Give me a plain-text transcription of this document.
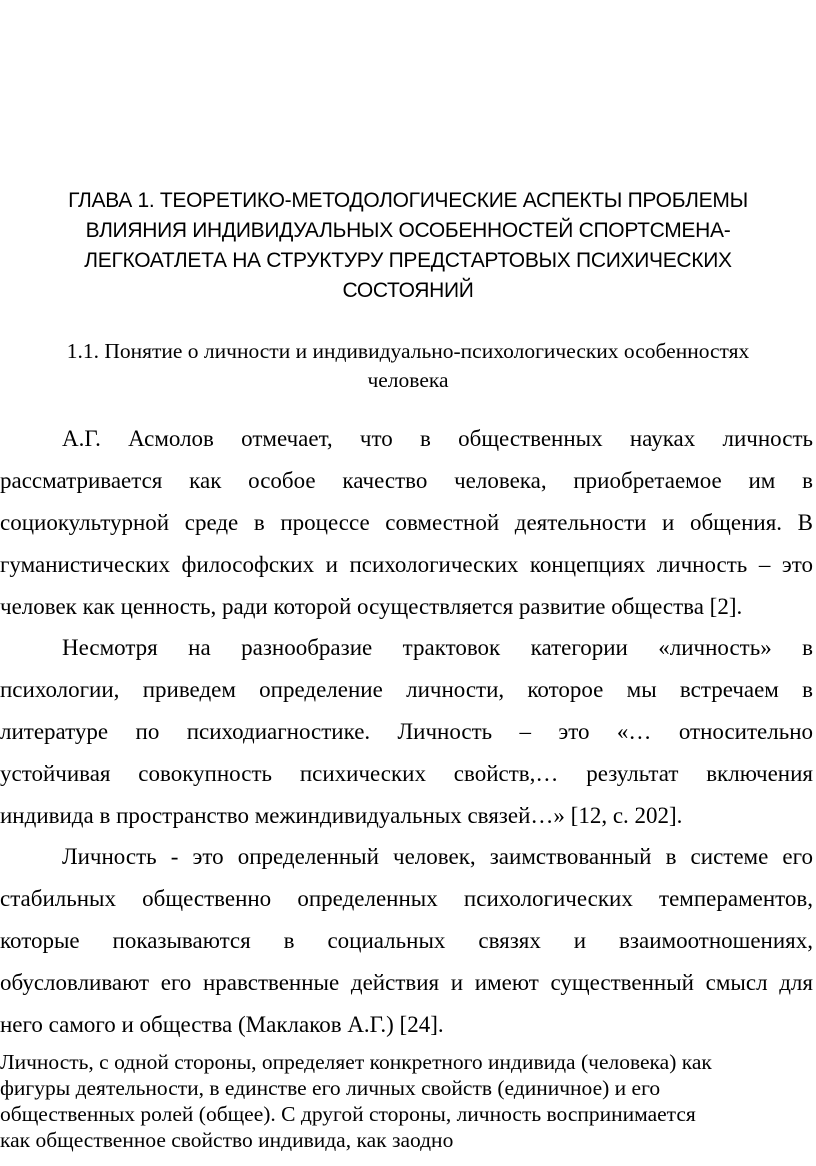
ГЛАВА 1. ТЕОРЕТИКО-МЕТОДОЛОГИЧЕСКИЕ АСПЕКТЫ ПРОБЛЕМЫ
ВЛИЯНИЯ ИНДИВИДУАЛЬНЫХ ОСОБЕННОСТЕЙ СПОРТСМЕНА-
ЛЕГКОАТЛЕТА НА СТРУКТУРУ ПРЕДСТАРТОВЫХ ПСИХИЧЕСКИХ
СОСТОЯНИЙ
1.1. Понятие о личности и индивидуально-психологических особенностях
человека
А.Г. Асмолов отмечает, что в общественных науках личность
рассматривается как особое качество человека, приобретаемое им в
социокультурной среде в процессе совместной деятельности и общения. В
гуманистических философских и психологических концепциях личность – это
человек как ценность, ради которой осуществляется развитие общества [2].
Несмотря на разнообразие трактовок категории «личность» в
психологии, приведем определение личности, которое мы встречаем в
литературе по психодиагностике. Личность – это «… относительно
устойчивая совокупность психических свойств,… результат включения
индивида в пространство межиндивидуальных связей…» [12, с. 202].
Личность - это определенный человек, заимствованный в системе его
стабильных общественно определенных психологических темпераментов,
которые показываются в социальных связях и взаимоотношениях,
обусловливают его нравственные действия и имеют существенный смысл для
него самого и общества (Маклаков А.Г.) [24].
Личность, с одной стороны, определяет конкретного индивида (человека) как
фигуры деятельности, в единстве его личных свойств (единичное) и его
общественных ролей (общее). С другой стороны, личность воспринимается
как общественное свойство индивида, как заодно
